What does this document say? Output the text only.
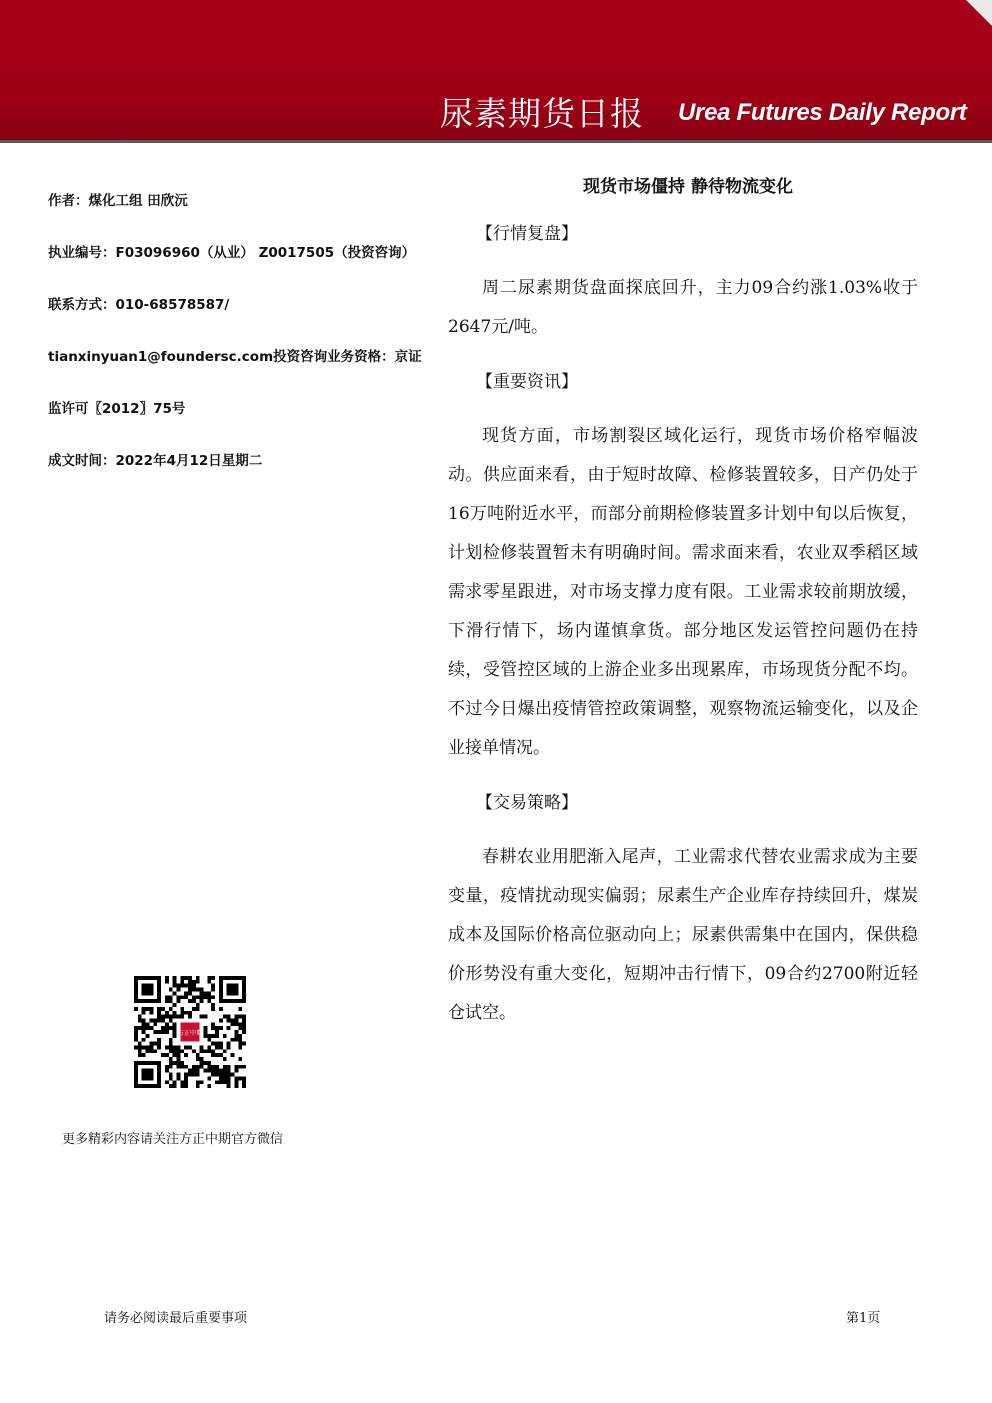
尿素期货日报 Urea Futures Daily Report
作者：煤化工组 田欣沅
执业编号：F03096960（从业） Z0017505（投资咨询）
联系方式：010-68578587/
tianxinyuan1@foundersc.com投资咨询业务资格：京证
监许可〖2012〗75号
成文时间：2022年4月12日星期二
现货市场僵持 静待物流变化
【行情复盘】

周二尿素期货盘面探底回升，主力09合约涨1.03%收于2647元/吨。

【重要资讯】

现货方面，市场割裂区域化运行，现货市场价格窄幅波动。供应面来看，由于短时故障、检修装置较多，日产仍处于16万吨附近水平，而部分前期检修装置多计划中旬以后恢复，计划检修装置暂未有明确时间。需求面来看，农业双季稻区域需求零星跟进，对市场支撑力度有限。工业需求较前期放缓，下滑行情下，场内谨慎拿货。部分地区发运管控问题仍在持续，受管控区域的上游企业多出现累库，市场现货分配不均。不过今日爆出疫情管控政策调整，观察物流运输变化，以及企业接单情况。

【交易策略】

春耕农业用肥渐入尾声，工业需求代替农业需求成为主要变量，疫情扰动现实偏弱；尿素生产企业库存持续回升，煤炭成本及国际价格高位驱动向上；尿素供需集中在国内，保供稳价形势没有重大变化，短期冲击行情下，09合约2700附近轻仓试空。

方正中期
更多精彩内容请关注方正中期官方微信
请务必阅读最后重要事项	第1页
